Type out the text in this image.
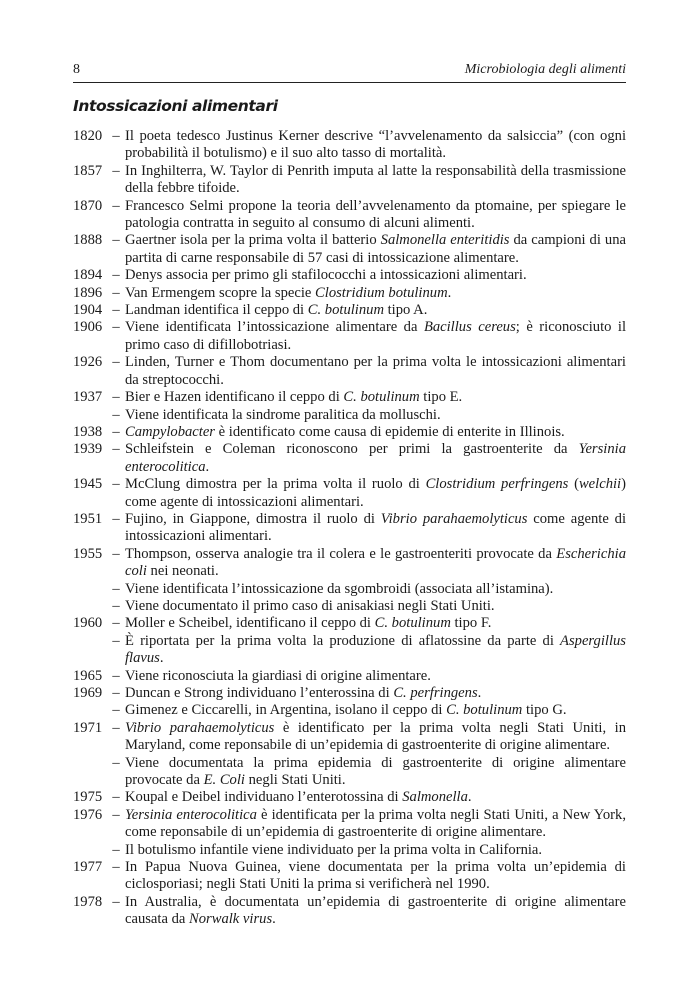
8	Microbiologia degli alimenti
Intossicazioni alimentari
1820 – Il poeta tedesco Justinus Kerner descrive “l’avvelenamento da salsiccia” (con ogni probabilità il botulismo) e il suo alto tasso di mortalità.
1857 – In Inghilterra, W. Taylor di Penrith imputa al latte la responsabilità della trasmissione della febbre tifoide.
1870 – Francesco Selmi propone la teoria dell’avvelenamento da ptomaine, per spiegare le patologia contratta in seguito al consumo di alcuni alimenti.
1888 – Gaertner isola per la prima volta il batterio Salmonella enteritidis da campioni di una partita di carne responsabile di 57 casi di intossicazione alimentare.
1894 – Denys associa per primo gli stafilococchi a intossicazioni alimentari.
1896 – Van Ermengem scopre la specie Clostridium botulinum.
1904 – Landman identifica il ceppo di C. botulinum tipo A.
1906 – Viene identificata l’intossicazione alimentare da Bacillus cereus; è riconosciuto il primo caso di difillobotriasi.
1926 – Linden, Turner e Thom documentano per la prima volta le intossicazioni alimentari da streptococchi.
1937 – Bier e Hazen identificano il ceppo di C. botulinum tipo E.
– Viene identificata la sindrome paralitica da molluschi.
1938 – Campylobacter è identificato come causa di epidemie di enterite in Illinois.
1939 – Schleifstein e Coleman riconoscono per primi la gastroenterite da Yersinia enterocolitica.
1945 – McClung dimostra per la prima volta il ruolo di Clostridium perfringens (welchii) come agente di intossicazioni alimentari.
1951 – Fujino, in Giappone, dimostra il ruolo di Vibrio parahaemolyticus come agente di intossicazioni alimentari.
1955 – Thompson, osserva analogie tra il colera e le gastroenteriti provocate da Escherichia coli nei neonati.
– Viene identificata l’intossicazione da sgombroidi (associata all’istamina).
– Viene documentato il primo caso di anisakiasi negli Stati Uniti.
1960 – Moller e Scheibel, identificano il ceppo di C. botulinum tipo F.
– È riportata per la prima volta la produzione di aflatossine da parte di Aspergillus flavus.
1965 – Viene riconosciuta la giardiasi di origine alimentare.
1969 – Duncan e Strong individuano l’enterossina di C. perfringens.
– Gimenez e Ciccarelli, in Argentina, isolano il ceppo di C. botulinum tipo G.
1971 – Vibrio parahaemolyticus è identificato per la prima volta negli Stati Uniti, in Maryland, come reponsabile di un’epidemia di gastroenterite di origine alimentare.
– Viene documentata la prima epidemia di gastroenterite di origine alimentare provocate da E. Coli negli Stati Uniti.
1975 – Koupal e Deibel individuano l’enterotossina di Salmonella.
1976 – Yersinia enterocolitica è identificata per la prima volta negli Stati Uniti, a New York, come reponsabile di un’epidemia di gastroenterite di origine alimentare.
– Il botulismo infantile viene individuato per la prima volta in California.
1977 – In Papua Nuova Guinea, viene documentata per la prima volta un’epidemia di ciclosporiasi; negli Stati Uniti la prima si verificherà nel 1990.
1978 – In Australia, è documentata un’epidemia di gastroenterite di origine alimentare causata da Norwalk virus.
